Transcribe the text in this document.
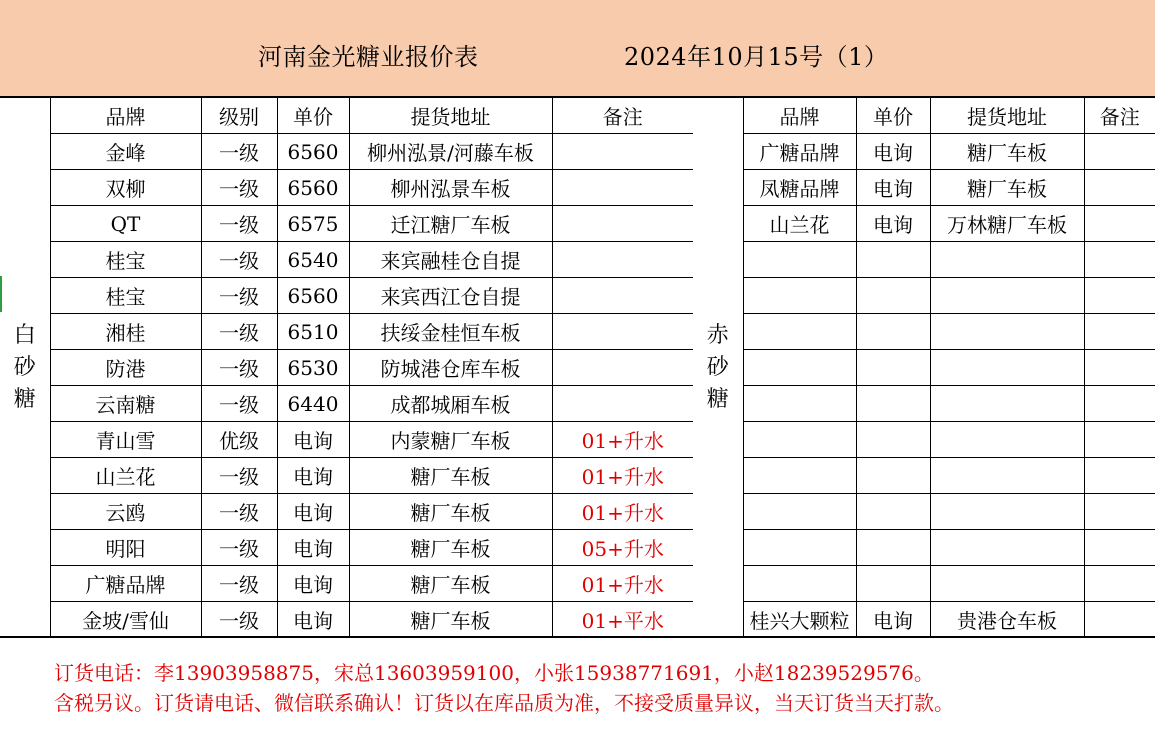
河南金光糖业报价表	2024年10月15号（1）
白
砂
糖	品牌	级别	单价	提货地址	备注
	金峰	一级	6560	柳州泓景/河藤车板	
	双柳	一级	6560	柳州泓景车板	
	QT	一级	6575	迁江糖厂车板	
	桂宝	一级	6540	来宾融桂仓自提	
	桂宝	一级	6560	来宾西江仓自提	
	湘桂	一级	6510	扶绥金桂恒车板	
	防港	一级	6530	防城港仓库车板	
	云南糖	一级	6440	成都城厢车板	
	青山雪	优级	电询	内蒙糖厂车板	01+升水
	山兰花	一级	电询	糖厂车板	01+升水
	云鸥	一级	电询	糖厂车板	01+升水
	明阳	一级	电询	糖厂车板	05+升水
	广糖品牌	一级	电询	糖厂车板	01+升水
	金坡/雪仙	一级	电询	糖厂车板	01+平水
赤
砂
糖	品牌	单价	提货地址	备注
	广糖品牌	电询	糖厂车板	
	凤糖品牌	电询	糖厂车板	
	山兰花	电询	万林糖厂车板	

	桂兴大颗粒	电询	贵港仓车板	
订货电话：李13903958875，宋总13603959100，小张15938771691，小赵18239529576。
含税另议。订货请电话、微信联系确认！订货以在库品质为准，不接受质量异议，当天订货当天打款。
